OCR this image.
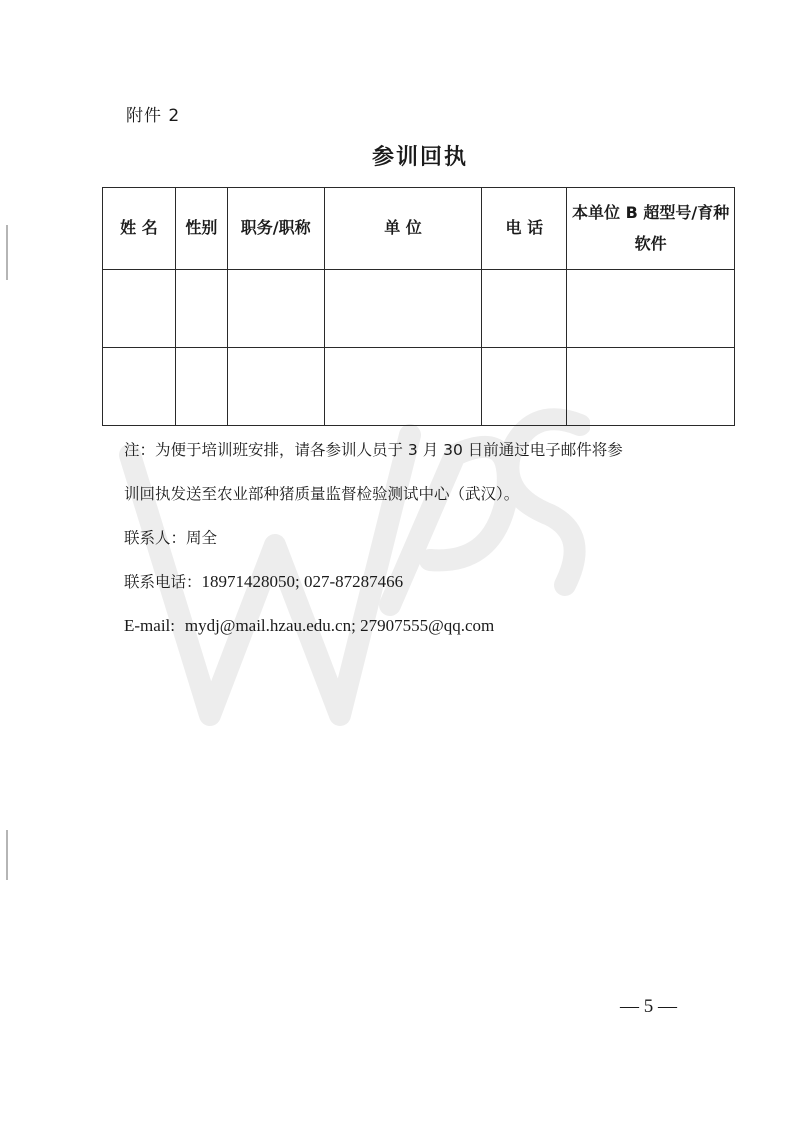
附件 2
参训回执
姓 名	性别	职务/职称	单 位	电 话	本单位 B 超型号/育种软件

注：为便于培训班安排，请各参训人员于 3 月 30 日前通过电子邮件将参

训回执发送至农业部种猪质量监督检验测试中心（武汉）。

联系人：周全

联系电话：18971428050; 027-87287466

E-mail: mydj@mail.hzau.edu.cn; 27907555@qq.com

— 5 —
